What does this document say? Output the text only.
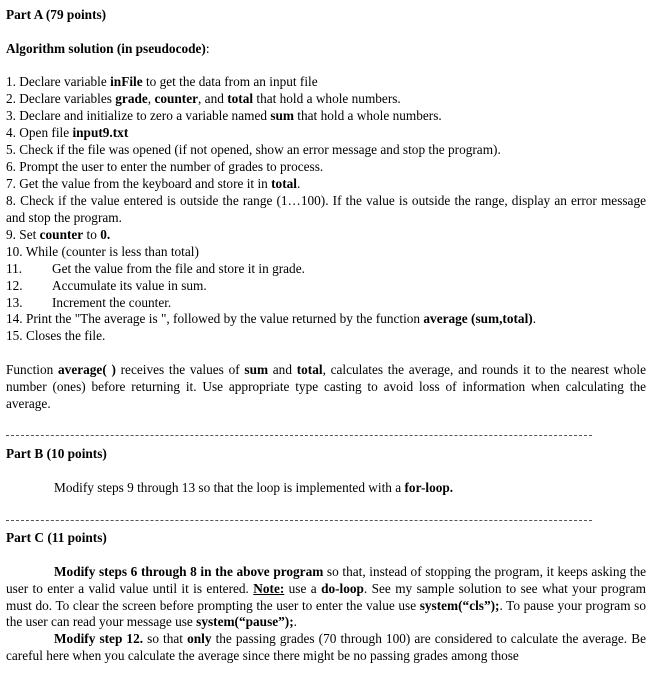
Part A (79 points)
Algorithm solution (in pseudocode):
1. Declare variable inFile to get the data from an input file
2. Declare variables grade, counter, and total that hold a whole numbers.
3. Declare and initialize to zero a variable named sum that hold a whole numbers.
4. Open file input9.txt
5. Check if the file was opened (if not opened, show an error message and stop the program).
6. Prompt the user to enter the number of grades to process.
7. Get the value from the keyboard and store it in total.
8. Check if the value entered is outside the range (1…100). If the value is outside the range, display an error message and stop the program.
9. Set counter to 0.
10. While (counter is less than total)
11. Get the value from the file and store it in grade.
12. Accumulate its value in sum.
13. Increment the counter.
14. Print the "The average is ", followed by the value returned by the function average (sum,total).
15. Closes the file.
Function average( ) receives the values of sum and total, calculates the average, and rounds it to the nearest whole number (ones) before returning it. Use appropriate type casting to avoid loss of information when calculating the average.
Part B (10 points)
Modify steps 9 through 13 so that the loop is implemented with a for-loop.
Part C (11 points)
Modify steps 6 through 8 in the above program so that, instead of stopping the program, it keeps asking the user to enter a valid value until it is entered. Note: use a do-loop. See my sample solution to see what your program must do. To clear the screen before prompting the user to enter the value use system(“cls”);. To pause your program so the user can read your message use system(“pause”);.
Modify step 12. so that only the passing grades (70 through 100) are considered to calculate the average. Be careful here when you calculate the average since there might be no passing grades among those
